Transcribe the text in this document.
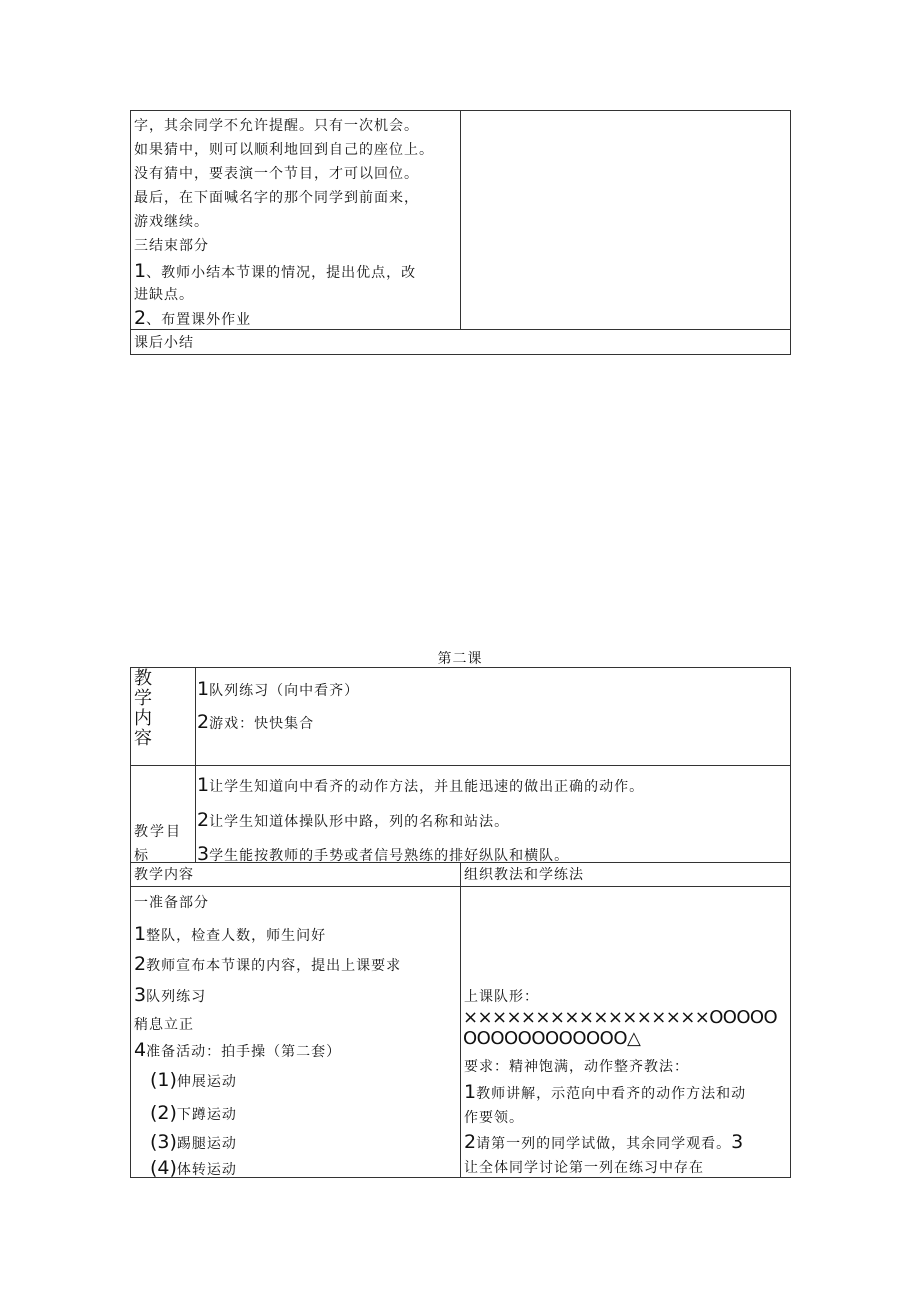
字，其余同学不允许提醒。只有一次机会。
如果猜中，则可以顺利地回到自己的座位上。
没有猜中，要表演一个节目，才可以回位。
最后，在下面喊名字的那个同学到前面来，
游戏继续。
三结束部分
1、教师小结本节课的情况，提出优点，改
进缺点。
2、布置课外作业
课后小结
第二课
教学内容
1队列练习（向中看齐）
2游戏：快快集合
教学目标
1让学生知道向中看齐的动作方法，并且能迅速的做出正确的动作。
2让学生知道体操队形中路，列的名称和站法。
3学生能按教师的手势或者信号熟练的排好纵队和横队。
教学内容	组织教法和学练法
一准备部分
1整队，检查人数，师生问好
2教师宣布本节课的内容，提出上课要求
3队列练习
稍息立正
4准备活动：拍手操（第二套）
(1)伸展运动
(2)下蹲运动
(3)踢腿运动
(4)体转运动
上课队形：
×××××××××××××××××OOOOO
OOOOOOOOOOOO△
要求：精神饱满，动作整齐教法：
1教师讲解，示范向中看齐的动作方法和动
作要领。
2请第一列的同学试做，其余同学观看。3
让全体同学讨论第一列在练习中存在
